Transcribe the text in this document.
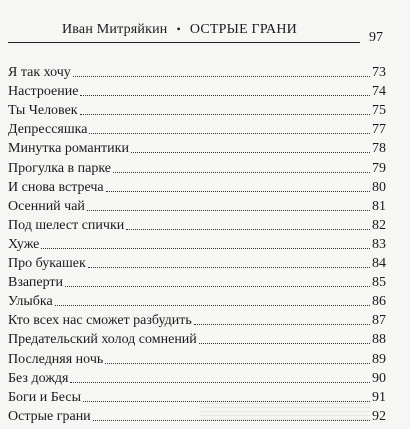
Иван Митряйкин • ОСТРЫЕ ГРАНИ
97
Я так хочу	73
Настроение	74
Ты Человек	75
Депрессяшка	77
Минутка романтики	78
Прогулка в парке	79
И снова встреча	80
Осенний чай	81
Под шелест спички	82
Хуже	83
Про букашек	84
Взаперти	85
Улыбка	86
Кто всех нас сможет разбудить	87
Предательский холод сомнений	88
Последняя ночь	89
Без дождя	90
Боги и Бесы	91
Острые грани	92
